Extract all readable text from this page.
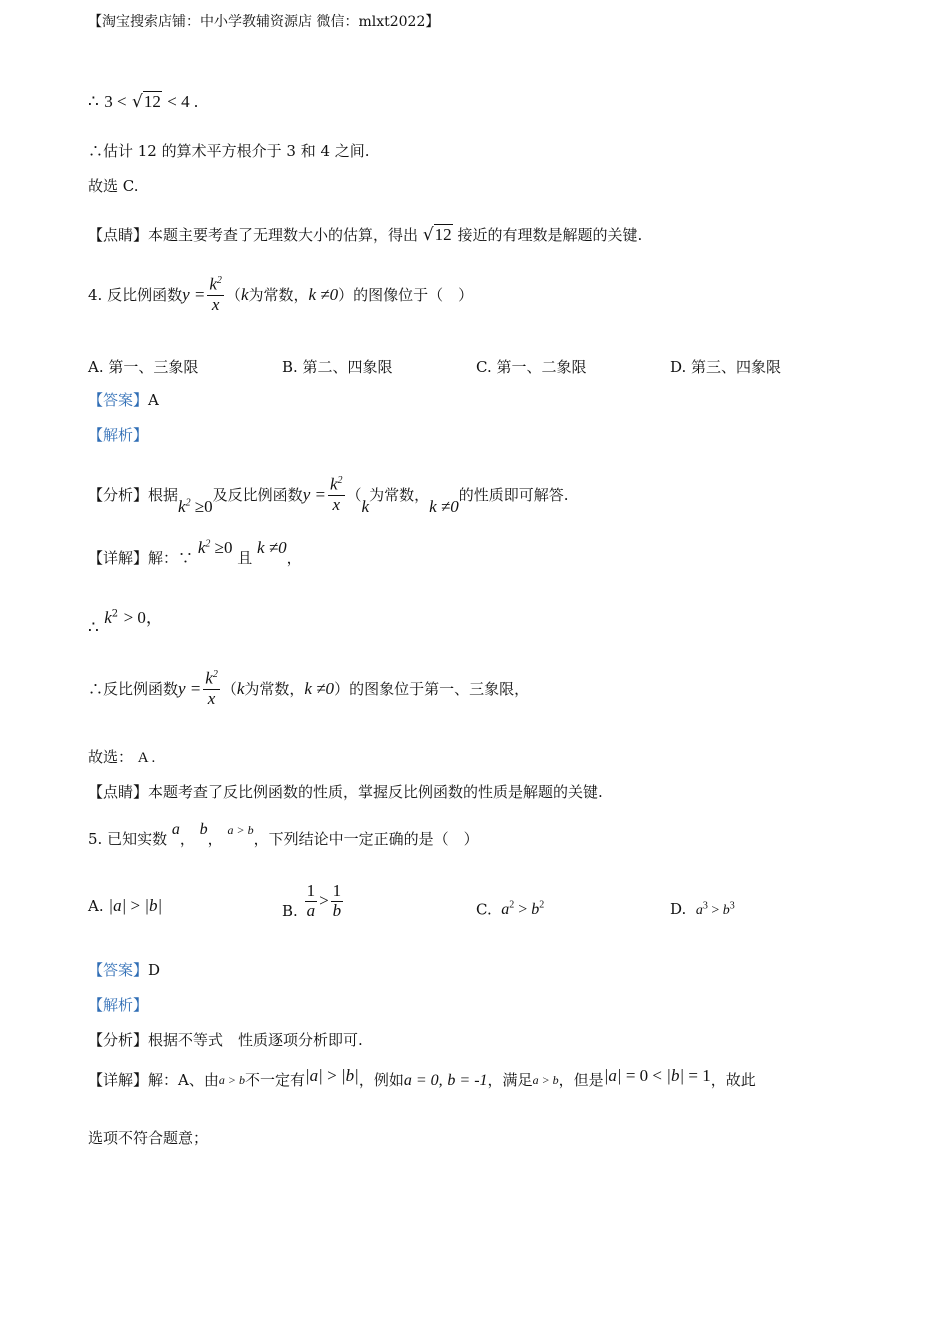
【淘宝搜索店铺：中小学教辅资源店 微信：mlxt2022】
∴ 3 < √12 < 4 .
∴估计 12 的算术平方根介于 3 和 4 之间.
故选 C.
【点睛】本题主要考查了无理数大小的估算，得出 √12 接近的有理数是解题的关键.
4. 反比例函数 $y = \frac{k^2}{x}$ （ k 为常数， k ≠0 ）的图像位于（　）
A. 第一、三象限	B. 第二、四象限	C. 第一、二象限	D. 第三、四象限
【答案】A
【解析】
【分析】 根据
$k^2 \ge 0$
及反比例函数 $y = \frac{k^2}{x}$ （
k
为常数，
k ≠0
的性质即可解答.
【详解】解：∵ $k^2 \ge 0$ 且 k ≠0，
∴ $k^2 > 0$，
∴反比例函数 $y = \frac{k^2}{x}$ （ k 为常数， k ≠0 ）的图象位于第一、三象限，
故选： A .
【点睛】本题考查了反比例函数的性质，掌握反比例函数的性质是解题的关键.
5. 已知实数 a， b， $^{a > b}$，下列结论中一定正确的是（　）
A.
|a| > |b|	B.
$\frac{1}{a} > \frac{1}{b}$	C. $a^2 > b^2$	D. $a^3 > b^3$
【答案】D
【解析】
【分析】根据不等式　性质逐项分析即可.
【详解】 解：A、由 a > b 不一定有 |a| > |b| ，例如 a = 0,
b = -1 ，满足 a > b ，但是 |a| = 0 < |b| = 1 ，故此
选项不符合题意；
